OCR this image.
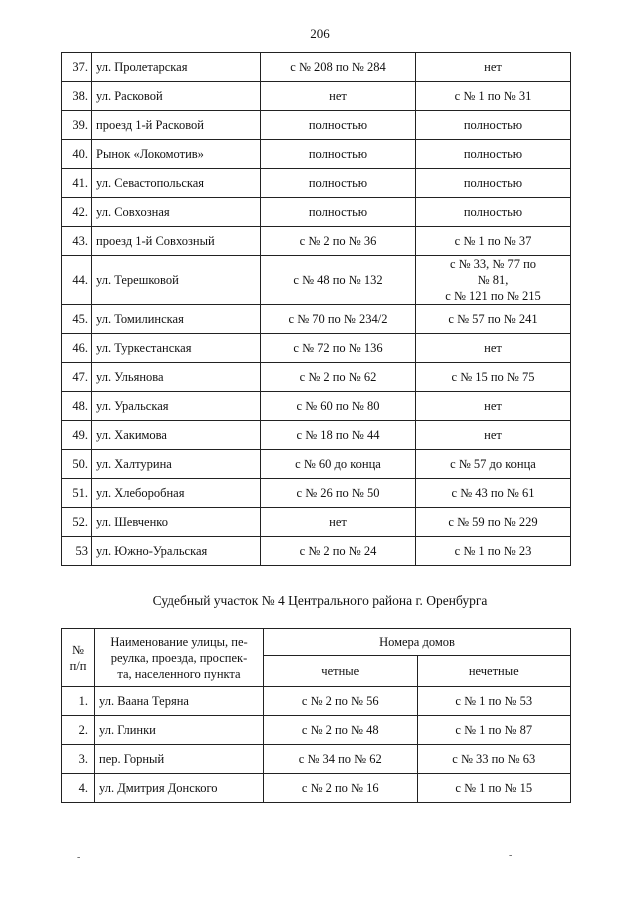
206
37.	ул. Пролетарская	с № 208 по № 284	нет
38.	ул. Расковой	нет	с № 1 по № 31
39.	проезд 1-й Расковой	полностью	полностью
40.	Рынок «Локомотив»	полностью	полностью
41.	ул. Севастопольская	полностью	полностью
42.	ул. Совхозная	полностью	полностью
43.	проезд 1-й Совхозный	с № 2 по № 36	с № 1 по № 37
44.	ул. Терешковой	с № 48 по № 132	с № 33, № 77 по
№ 81,
с № 121 по № 215
45.	ул. Томилинская	с № 70 по № 234/2	с № 57 по № 241
46.	ул. Туркестанская	с № 72 по № 136	нет
47.	ул. Ульянова	с № 2 по № 62	с № 15 по № 75
48.	ул. Уральская	с № 60 по № 80	нет
49.	ул. Хакимова	с № 18 по № 44	нет
50.	ул. Халтурина	с № 60 до конца	с № 57 до конца
51.	ул. Хлеборобная	с № 26 по № 50	с № 43 по № 61
52.	ул. Шевченко	нет	с № 59 по № 229
53	ул. Южно-Уральская	с № 2 по № 24	с № 1 по № 23
Судебный участок № 4 Центрального района г. Оренбурга
№
п/п	Наименование улицы, пе-
реулка, проезда, проспек-
та, населенного пункта	Номера домов	
		четные	нечетные
1.	ул. Ваана Теряна	с № 2 по № 56	с № 1 по № 53
2.	ул. Глинки	с № 2 по № 48	с № 1 по № 87
3.	пер. Горный	с № 34 по № 62	с № 33 по № 63
4.	ул. Дмитрия Донского	с № 2 по № 16	с № 1 по № 15
-	-
